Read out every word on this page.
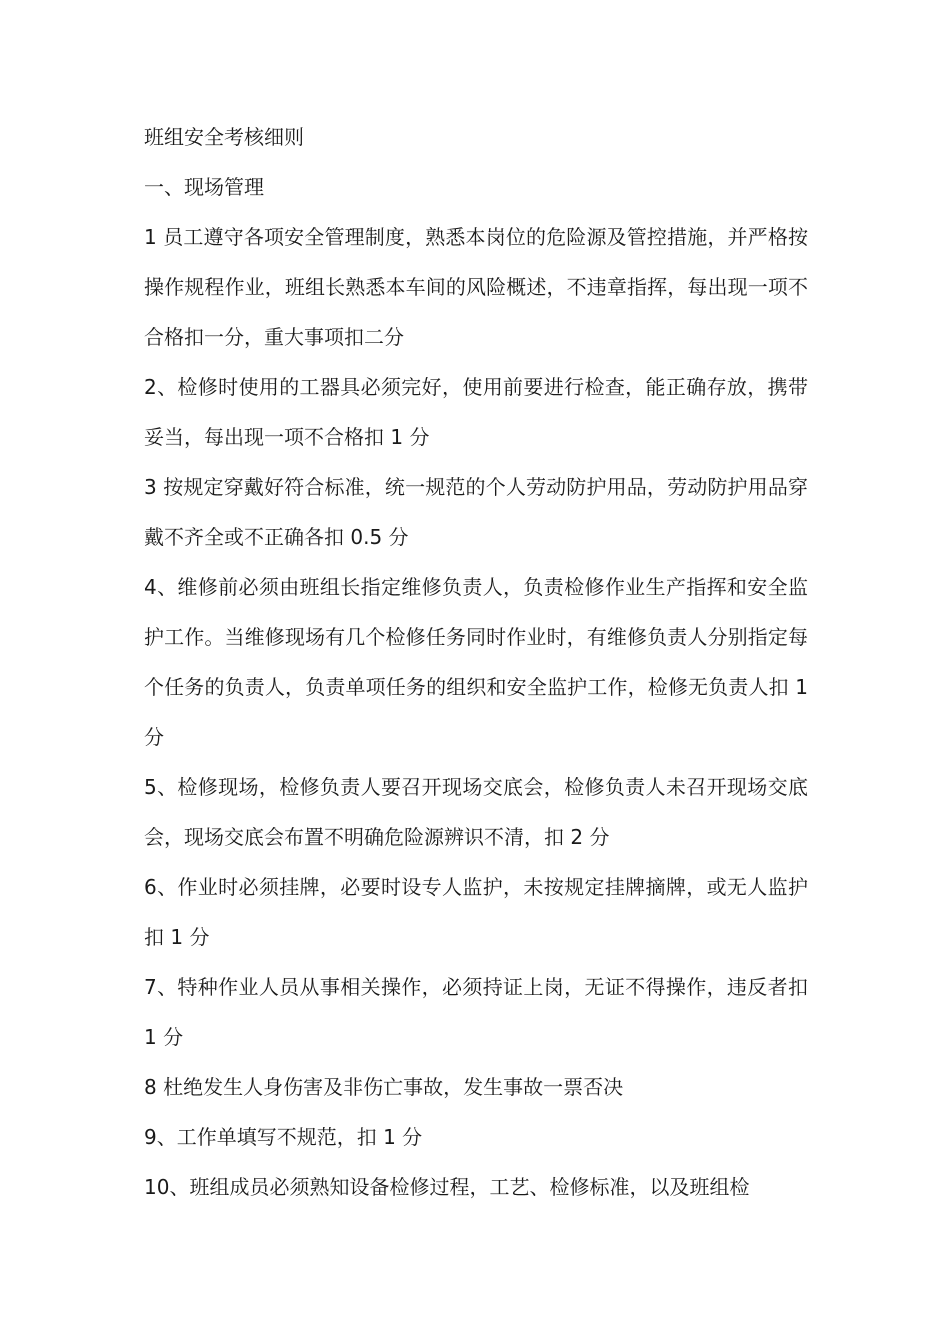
班组安全考核细则

一、现场管理

1 员工遵守各项安全管理制度，熟悉本岗位的危险源及管控措施，并严格按操作规程作业，班组长熟悉本车间的风险概述，不违章指挥，每出现一项不合格扣一分，重大事项扣二分

2、检修时使用的工器具必须完好，使用前要进行检查，能正确存放，携带妥当，每出现一项不合格扣 1 分

3 按规定穿戴好符合标准，统一规范的个人劳动防护用品，劳动防护用品穿戴不齐全或不正确各扣 0.5 分

4、维修前必须由班组长指定维修负责人，负责检修作业生产指挥和安全监护工作。当维修现场有几个检修任务同时作业时，有维修负责人分别指定每个任务的负责人，负责单项任务的组织和安全监护工作，检修无负责人扣 1 分

5、检修现场，检修负责人要召开现场交底会，检修负责人未召开现场交底会，现场交底会布置不明确危险源辨识不清，扣 2 分

6、作业时必须挂牌，必要时设专人监护，未按规定挂牌摘牌，或无人监护扣 1 分

7、特种作业人员从事相关操作，必须持证上岗，无证不得操作，违反者扣 1 分

8 杜绝发生人身伤害及非伤亡事故，发生事故一票否决

9、工作单填写不规范，扣 1 分

10、班组成员必须熟知设备检修过程，工艺、检修标准，以及班组检
